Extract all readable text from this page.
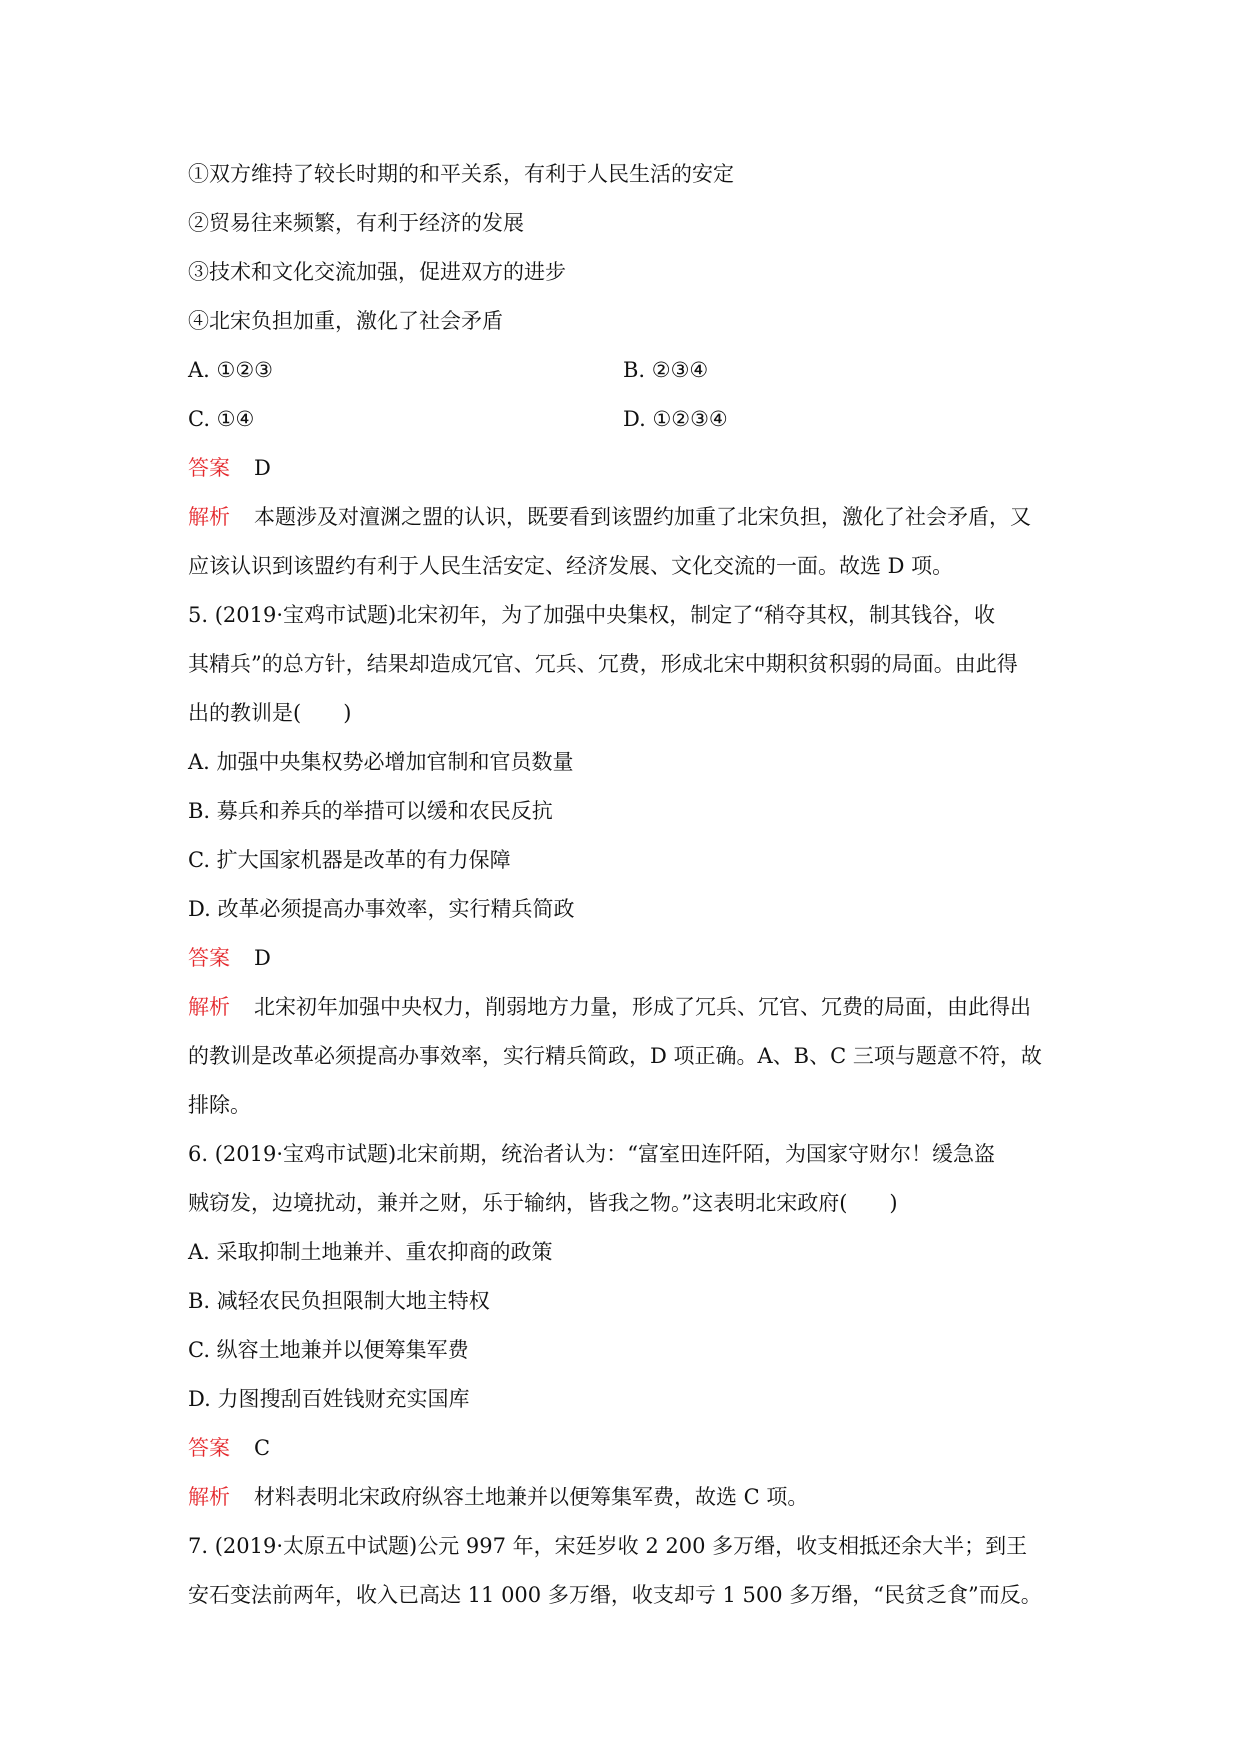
①双方维持了较长时期的和平关系，有利于人民生活的安定
②贸易往来频繁，有利于经济的发展
③技术和文化交流加强，促进双方的进步
④北宋负担加重，激化了社会矛盾
A. ①②③	B. ②③④
C. ①④	D. ①②③④
答案 D
解析 本题涉及对澶渊之盟的认识，既要看到该盟约加重了北宋负担，激化了社会矛盾，又
应该认识到该盟约有利于人民生活安定、经济发展、文化交流的一面。故选 D 项。
5. (2019·宝鸡市试题)北宋初年，为了加强中央集权，制定了“稍夺其权，制其钱谷，收
其精兵”的总方针，结果却造成冗官、冗兵、冗费，形成北宋中期积贫积弱的局面。由此得
出的教训是(　　)
A. 加强中央集权势必增加官制和官员数量
B. 募兵和养兵的举措可以缓和农民反抗
C. 扩大国家机器是改革的有力保障
D. 改革必须提高办事效率，实行精兵简政
答案 D
解析 北宋初年加强中央权力，削弱地方力量，形成了冗兵、冗官、冗费的局面，由此得出
的教训是改革必须提高办事效率，实行精兵简政，D 项正确。A、B、C 三项与题意不符，故
排除。
6. (2019·宝鸡市试题)北宋前期，统治者认为：“富室田连阡陌，为国家守财尔！缓急盗
贼窃发，边境扰动，兼并之财，乐于输纳，皆我之物。”这表明北宋政府(　　)
A. 采取抑制土地兼并、重农抑商的政策
B. 减轻农民负担限制大地主特权
C. 纵容土地兼并以便筹集军费
D. 力图搜刮百姓钱财充实国库
答案 C
解析 材料表明北宋政府纵容土地兼并以便筹集军费，故选 C 项。
7. (2019·太原五中试题)公元 997 年，宋廷岁收 2 200 多万缗，收支相抵还余大半；到王
安石变法前两年，收入已高达 11 000 多万缗，收支却亏 1 500 多万缗，“民贫乏食”而反。
